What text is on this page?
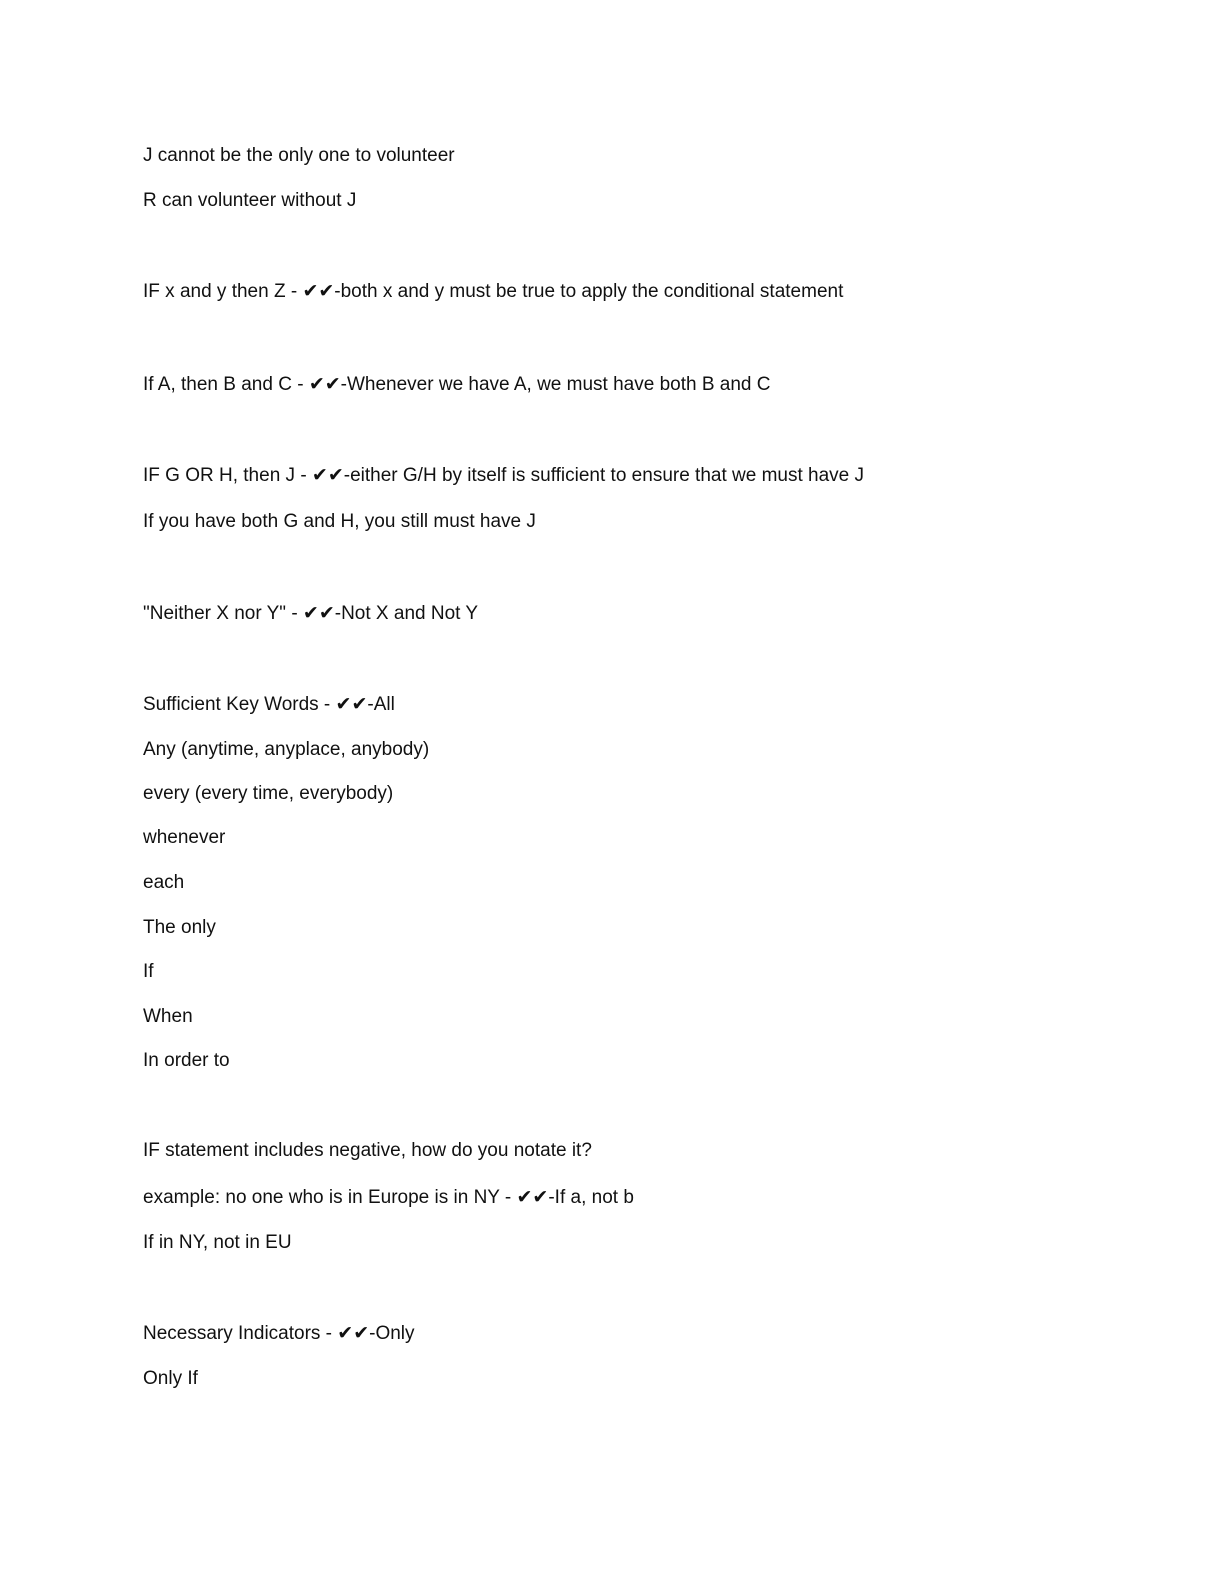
J cannot be the only one to volunteer
R can volunteer without J
IF x and y then Z - ✔✔-both x and y must be true to apply the conditional statement
If A, then B and C - ✔✔-Whenever we have A, we must have both B and C
IF G OR H, then J - ✔✔-either G/H by itself is sufficient to ensure that we must have J
If you have both G and H, you still must have J
"Neither X nor Y" - ✔✔-Not X and Not Y
Sufficient Key Words - ✔✔-All
Any (anytime, anyplace, anybody)
every (every time, everybody)
whenever
each
The only
If
When
In order to
IF statement includes negative, how do you notate it?
example: no one who is in Europe is in NY - ✔✔-If a, not b
If in NY, not in EU
Necessary Indicators - ✔✔-Only
Only If
